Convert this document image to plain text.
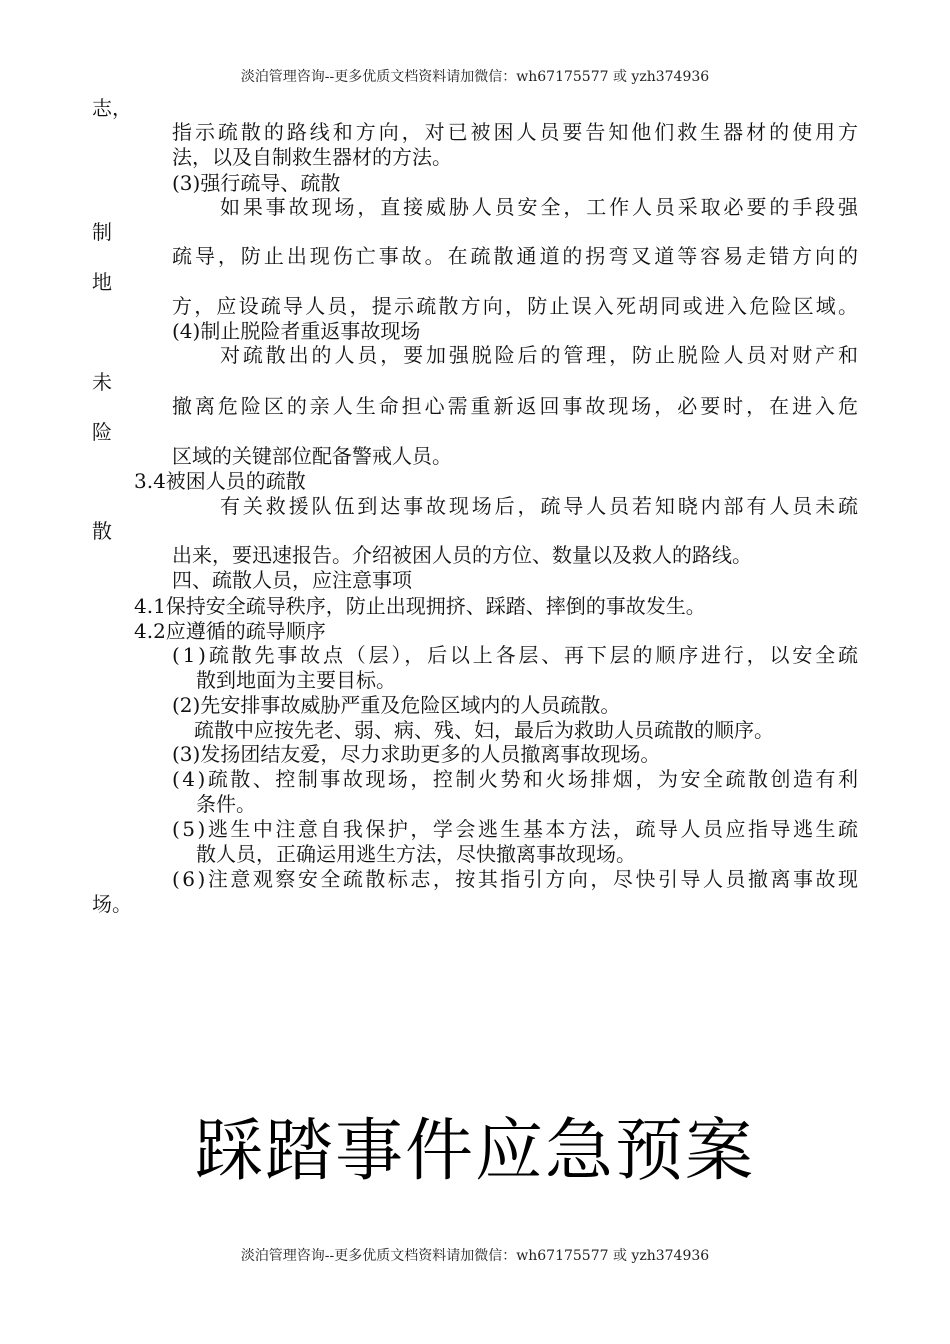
淡泊管理咨询--更多优质文档资料请加微信：wh67175577 或 yzh374936
志，
指示疏散的路线和方向，对已被困人员要告知他们救生器材的使用方
法，以及自制救生器材的方法。
(3)强行疏导、疏散
如果事故现场，直接威胁人员安全，工作人员采取必要的手段强
制
疏导，防止出现伤亡事故。在疏散通道的拐弯叉道等容易走错方向的
地
方，应设疏导人员，提示疏散方向，防止误入死胡同或进入危险区域。
(4)制止脱险者重返事故现场
对疏散出的人员，要加强脱险后的管理，防止脱险人员对财产和
未
撤离危险区的亲人生命担心需重新返回事故现场，必要时，在进入危
险
区域的关键部位配备警戒人员。
3.4被困人员的疏散
有关救援队伍到达事故现场后，疏导人员若知晓内部有人员未疏
散
出来，要迅速报告。介绍被困人员的方位、数量以及救人的路线。
四、疏散人员，应注意事项
4.1保持安全疏导秩序，防止出现拥挤、踩踏、摔倒的事故发生。
4.2应遵循的疏导顺序
(1)疏散先事故点（层），后以上各层、再下层的顺序进行，以安全疏
散到地面为主要目标。
(2)先安排事故威胁严重及危险区域内的人员疏散。
疏散中应按先老、弱、病、残、妇，最后为救助人员疏散的顺序。
(3)发扬团结友爱，尽力求助更多的人员撤离事故现场。
(4)疏散、控制事故现场，控制火势和火场排烟，为安全疏散创造有利
条件。
(5)逃生中注意自我保护，学会逃生基本方法，疏导人员应指导逃生疏
散人员，正确运用逃生方法，尽快撤离事故现场。
(6)注意观察安全疏散标志，按其指引方向，尽快引导人员撤离事故现
场。
踩踏事件应急预案
淡泊管理咨询--更多优质文档资料请加微信：wh67175577 或 yzh374936
